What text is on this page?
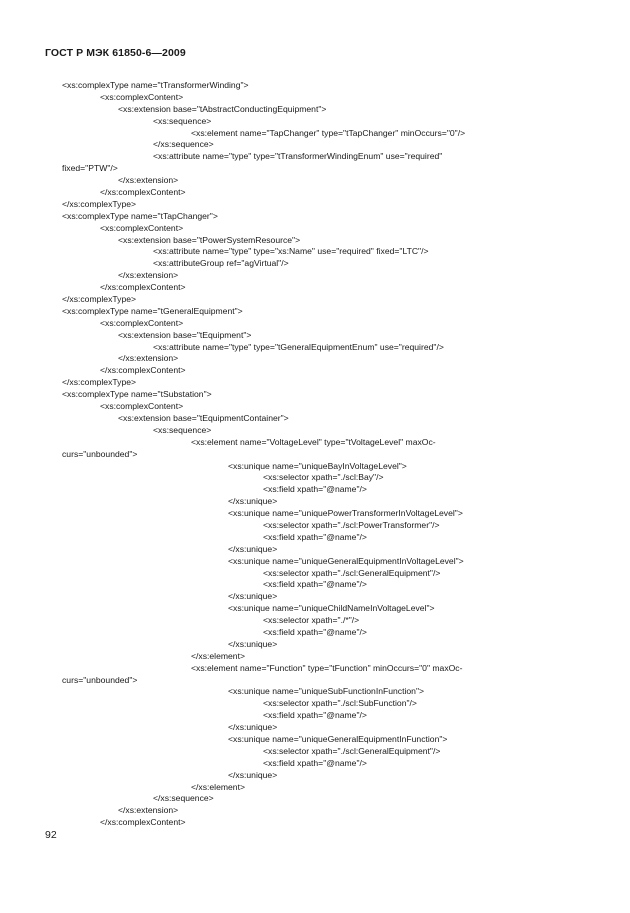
ГОСТ Р МЭК 61850-6—2009
<xs:complexType name="tTransformerWinding">
<xs:complexContent>
<xs:extension base="tAbstractConductingEquipment">
<xs:sequence>
<xs:element name="TapChanger" type="tTapChanger" minOccurs="0"/>
</xs:sequence>
<xs:attribute name="type" type="tTransformerWindingEnum" use="required"
fixed="PTW"/>
</xs:extension>
</xs:complexContent>
</xs:complexType>
<xs:complexType name="tTapChanger">
<xs:complexContent>
<xs:extension base="tPowerSystemResource">
<xs:attribute name="type" type="xs:Name" use="required" fixed="LTC"/>
<xs:attributeGroup ref="agVirtual"/>
</xs:extension>
</xs:complexContent>
</xs:complexType>
<xs:complexType name="tGeneralEquipment">
<xs:complexContent>
<xs:extension base="tEquipment">
<xs:attribute name="type" type="tGeneralEquipmentEnum" use="required"/>
</xs:extension>
</xs:complexContent>
</xs:complexType>
<xs:complexType name="tSubstation">
<xs:complexContent>
<xs:extension base="tEquipmentContainer">
<xs:sequence>
<xs:element name="VoltageLevel" type="tVoltageLevel" maxOc-
curs="unbounded">
<xs:unique name="uniqueBayInVoltageLevel">
<xs:selector xpath="./scl:Bay"/>
<xs:field xpath="@name"/>
</xs:unique>
<xs:unique name="uniquePowerTransformerInVoltageLevel">
<xs:selector xpath="./scl:PowerTransformer"/>
<xs:field xpath="@name"/>
</xs:unique>
<xs:unique name="uniqueGeneralEquipmentInVoltageLevel">
<xs:selector xpath="./scl:GeneralEquipment"/>
<xs:field xpath="@name"/>
</xs:unique>
<xs:unique name="uniqueChildNameInVoltageLevel">
<xs:selector xpath="./*"/>
<xs:field xpath="@name"/>
</xs:unique>
</xs:element>
<xs:element name="Function" type="tFunction" minOccurs="0" maxOc-
curs="unbounded">
<xs:unique name="uniqueSubFunctionInFunction">
<xs:selector xpath="./scl:SubFunction"/>
<xs:field xpath="@name"/>
</xs:unique>
<xs:unique name="uniqueGeneralEquipmentInFunction">
<xs:selector xpath="./scl:GeneralEquipment"/>
<xs:field xpath="@name"/>
</xs:unique>
</xs:element>
</xs:sequence>
</xs:extension>
</xs:complexContent>
92
